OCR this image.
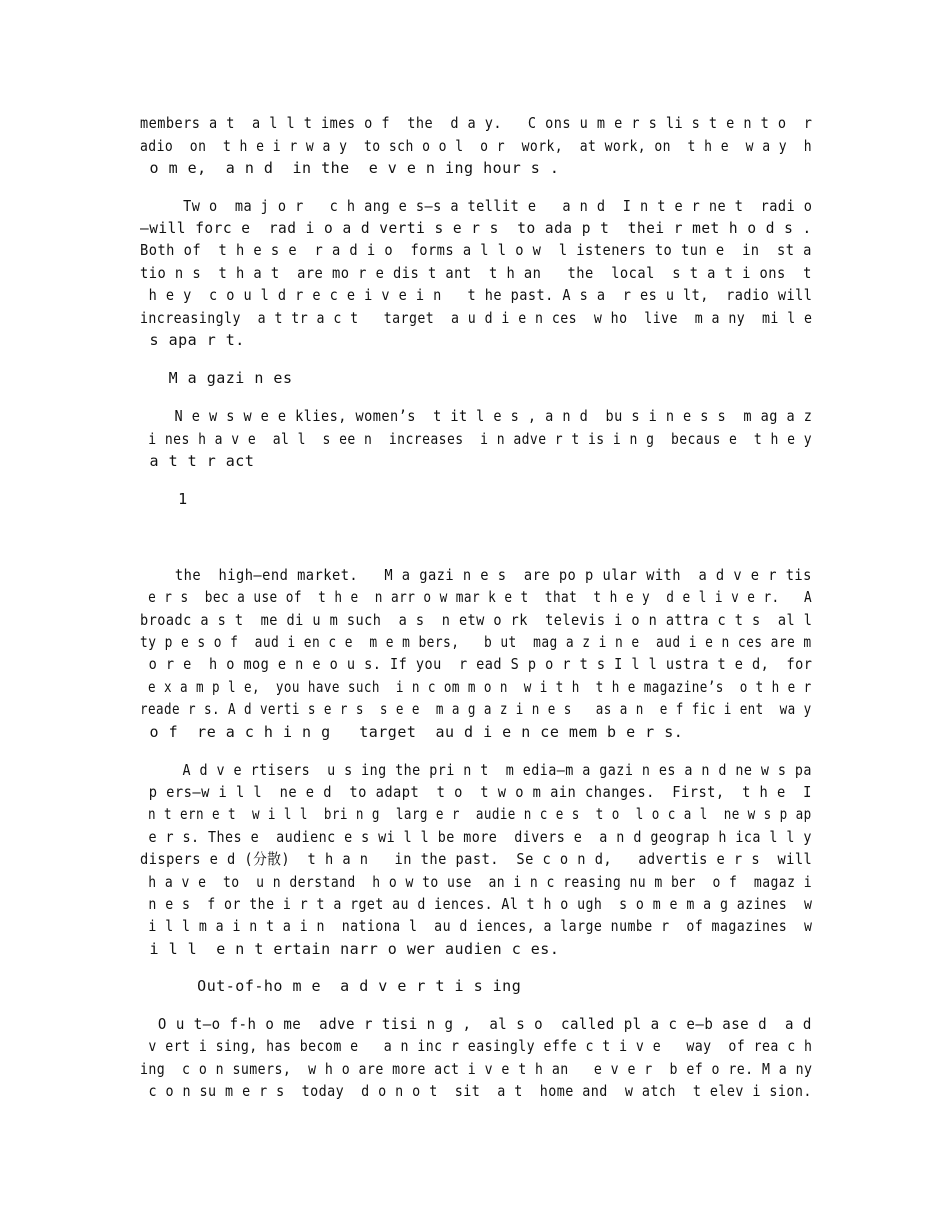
members a t  a l l t imes o f  the  d a y.   C ons u m e r s li s t e n t o  r
adio  on  t h e i r w a y  to sch o o l  o r  work,  at work, on  t h e  w a y  h
o m e,  a n d  in the  e v e n ing hour s .
Tw o  ma j o r   c h ang e s—s a tellit e   a n d  I n t e r ne t  radi o
—will forc e  rad i o a d verti s e r s  to ada p t  thei r met h o d s .
Both of  t h e s e  r a d i o  forms a l l o w  l isteners to tun e  in  st a
tio n s  t h a t  are mo r e dis t ant  t h an   the  local  s t a t i ons  t
h e y  c o u l d r e c e i v e i n   t he past. A s a  r es u lt,  radio will
increasingly  a t tr a c t   target  a u d i e n ces  w ho  live  m a ny  mi l e
s apa r t.
M a gazi n es
N e w s w e e klies, women’s  t it l e s , a n d  bu s i n e s s  m ag a z
i nes h a v e  al l  s ee n  increases  i n adve r t is i n g  becaus e  t h e y
a t t r act
1
the  high—end market.   M a gazi n e s  are po p ular with  a d v e r tis
e r s  bec a use of  t h e  n arr o w mar k e t  that  t h e y  d e l i v e r.   A
broadc a s t  me di u m such  a s  n etw o rk  televis i o n attra c t s  al l
ty p e s o f  aud i en c e  m e m bers,   b ut  mag a z i n e  aud i e n ces are m
o r e  h o mog e n e o u s. If you  r ead S p o r t s I l l ustra t e d,  for
e x a m p l e,  you have such  i n c om m o n  w i t h  t h e magazine’s  o t h e r
reade r s. A d verti s e r s  s e e  m a g a z i n e s   as a n  e f fic i ent  wa y
o f  re a c h i n g   target  au d i e n ce mem b e r s.
A d v e rtisers  u s ing the pri n t  m edia—m a gazi n es a n d ne w s pa
p ers—w i l l  ne e d  to adapt  t o  t w o m ain changes.  First,  t h e  I
n t ern e t  w i l l  bri n g  larg e r  audie n c e s  t o  l o c a l  ne w s p ap
e r s. Thes e  audienc e s wi l l be more  divers e  a n d geograp h ica l l y
dispers e d (分散)  t h a n   in the past.  Se c o n d,   advertis e r s  will
h a v e  to  u n derstand  h o w to use  an i n c reasing nu m ber  o f  magaz i
n e s  f or the i r t a rget au d iences. Al t h o ugh  s o m e m a g azines  w
i l l m a i n t a i n  nationa l  au d iences, a large numbe r  of magazines  w
i l l  e n t ertain narr o wer audien c es.
Out-of-ho m e  a d v e r t i s ing
O u t—o f-h o me  adve r tisi n g ,  al s o  called pl a c e—b ase d  a d
v ert i sing, has becom e   a n inc r easingly effe c t i v e   way  of rea c h
ing  c o n sumers,  w h o are more act i v e t h an   e v e r  b ef o re. M a ny
c o n su m e r s  today  d o n o t  sit  a t  home and  w atch  t elev i sion.
